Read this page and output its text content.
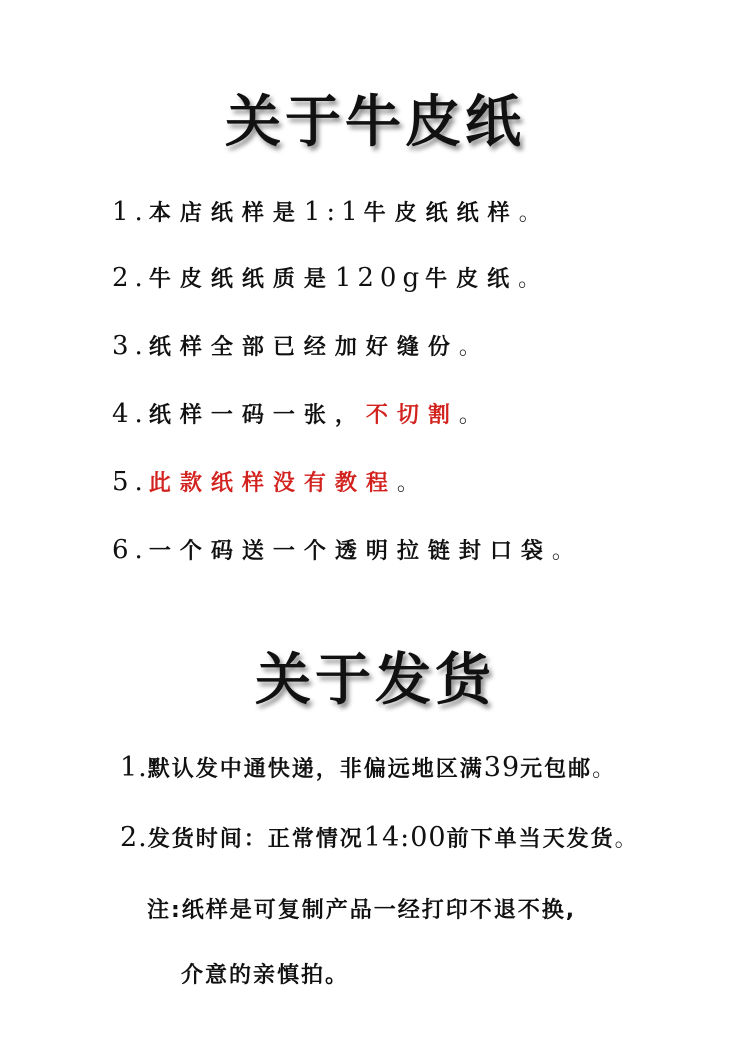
关于牛皮纸
1.本店纸样是1:1牛皮纸纸样。
2.牛皮纸纸质是120g牛皮纸。
3.纸样全部已经加好缝份。
4.纸样一码一张，不切割。
5.此款纸样没有教程。
6.一个码送一个透明拉链封口袋。
关于发货
1.默认发中通快递，非偏远地区满39元包邮。
2.发货时间：正常情况14:00前下单当天发货。
注:纸样是可复制产品一经打印不退不换,
介意的亲慎拍。
